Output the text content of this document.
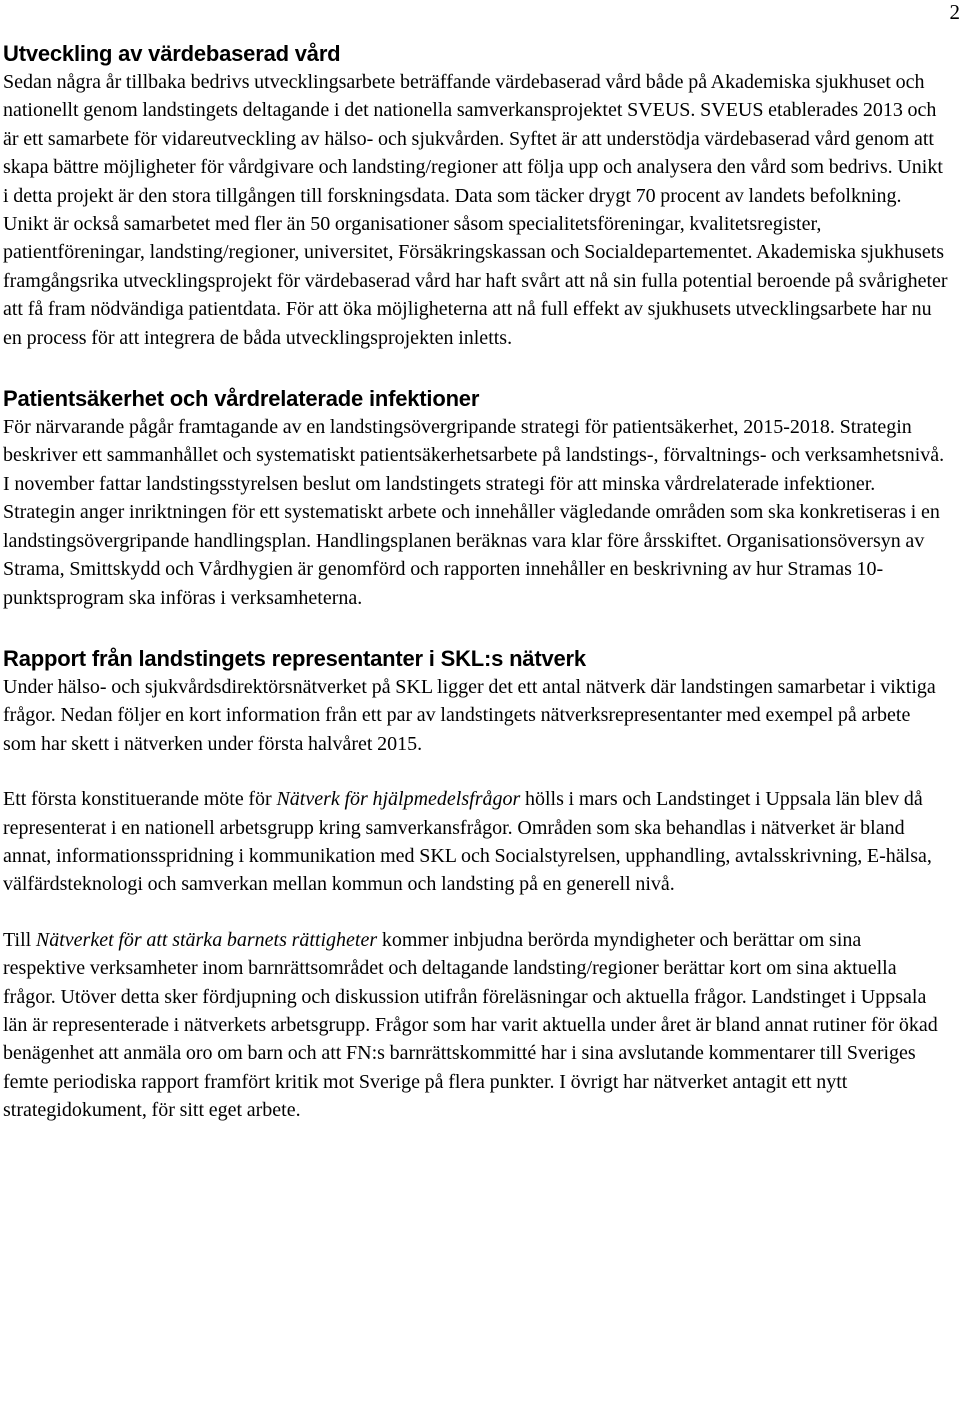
2
Utveckling av värdebaserad vård

Sedan några år tillbaka bedrivs utvecklingsarbete beträffande värdebaserad vård både på Akademiska sjukhuset och nationellt genom landstingets deltagande i det nationella samverkansprojektet SVEUS. SVEUS etablerades 2013 och är ett samarbete för vidareutveckling av hälso- och sjukvården. Syftet är att understödja värdebaserad vård genom att skapa bättre möjligheter för vårdgivare och landsting/regioner att följa upp och analysera den vård som bedrivs. Unikt i detta projekt är den stora tillgången till forskningsdata. Data som täcker drygt 70 procent av landets befolkning. Unikt är också samarbetet med fler än 50 organisationer såsom specialitetsföreningar, kvalitetsregister, patientföreningar, landsting/regioner, universitet, Försäkringskassan och Socialdepartementet. Akademiska sjukhusets framgångsrika utvecklingsprojekt för värdebaserad vård har haft svårt att nå sin fulla potential beroende på svårigheter att få fram nödvändiga patientdata. För att öka möjligheterna att nå full effekt av sjukhusets utvecklingsarbete har nu en process för att integrera de båda utvecklingsprojekten inletts.

Patientsäkerhet och vårdrelaterade infektioner

För närvarande pågår framtagande av en landstingsövergripande strategi för patientsäkerhet, 2015-2018. Strategin beskriver ett sammanhållet och systematiskt patientsäkerhetsarbete på landstings-, förvaltnings- och verksamhetsnivå. I november fattar landstingsstyrelsen beslut om landstingets strategi för att minska vårdrelaterade infektioner. Strategin anger inriktningen för ett systematiskt arbete och innehåller vägledande områden som ska konkretiseras i en landstingsövergripande handlingsplan. Handlingsplanen beräknas vara klar före årsskiftet. Organisationsöversyn av Strama, Smittskydd och Vårdhygien är genomförd och rapporten innehåller en beskrivning av hur Stramas 10-punktsprogram ska införas i verksamheterna.

Rapport från landstingets representanter i SKL:s nätverk

Under hälso- och sjukvårdsdirektörsnätverket på SKL ligger det ett antal nätverk där landstingen samarbetar i viktiga frågor. Nedan följer en kort information från ett par av landstingets nätverksrepresentanter med exempel på arbete som har skett i nätverken under första halvåret 2015.

Ett första konstituerande möte för Nätverk för hjälpmedelsfrågor hölls i mars och Landstinget i Uppsala län blev då representerat i en nationell arbetsgrupp kring samverkansfrågor. Områden som ska behandlas i nätverket är bland annat, informationsspridning i kommunikation med SKL och Socialstyrelsen, upphandling, avtalsskrivning, E-hälsa, välfärdsteknologi och samverkan mellan kommun och landsting på en generell nivå.

Till Nätverket för att stärka barnets rättigheter kommer inbjudna berörda myndigheter och berättar om sina respektive verksamheter inom barnrättsområdet och deltagande landsting/regioner berättar kort om sina aktuella frågor. Utöver detta sker fördjupning och diskussion utifrån föreläsningar och aktuella frågor. Landstinget i Uppsala län är representerade i nätverkets arbetsgrupp. Frågor som har varit aktuella under året är bland annat rutiner för ökad benägenhet att anmäla oro om barn och att FN:s barnrättskommitté har i sina avslutande kommentarer till Sveriges femte periodiska rapport framfört kritik mot Sverige på flera punkter. I övrigt har nätverket antagit ett nytt strategidokument, för sitt eget arbete.
